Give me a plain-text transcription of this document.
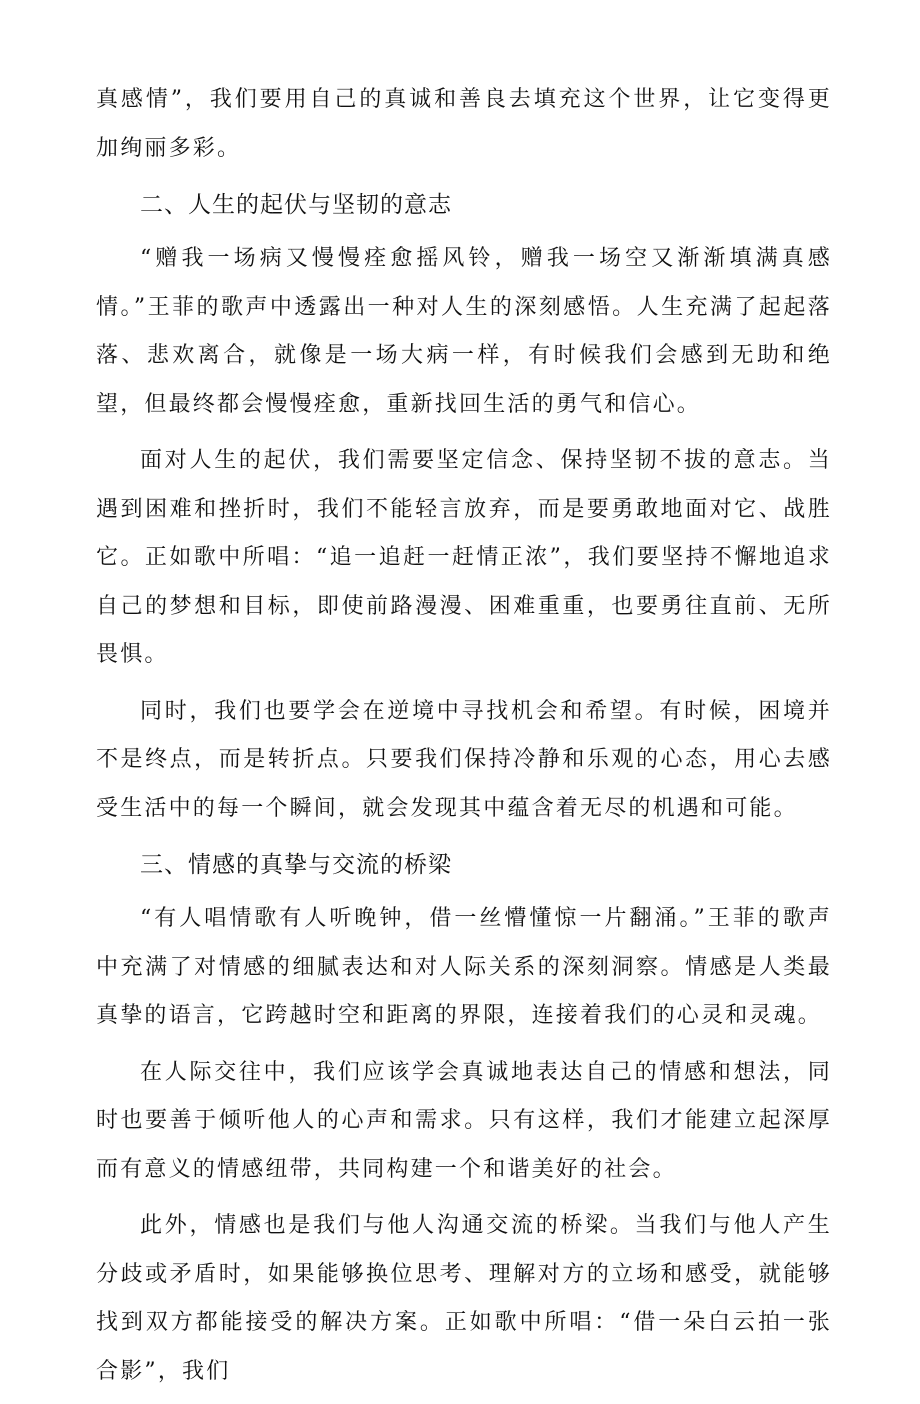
真感情”，我们要用自己的真诚和善良去填充这个世界，让它变得更加绚丽多彩。

二、人生的起伏与坚韧的意志

“赠我一场病又慢慢痊愈摇风铃，赠我一场空又渐渐填满真感情。”王菲的歌声中透露出一种对人生的深刻感悟。人生充满了起起落落、悲欢离合，就像是一场大病一样，有时候我们会感到无助和绝望，但最终都会慢慢痊愈，重新找回生活的勇气和信心。

面对人生的起伏，我们需要坚定信念、保持坚韧不拔的意志。当遇到困难和挫折时，我们不能轻言放弃，而是要勇敢地面对它、战胜它。正如歌中所唱：“追一追赶一赶情正浓”，我们要坚持不懈地追求自己的梦想和目标，即使前路漫漫、困难重重，也要勇往直前、无所畏惧。

同时，我们也要学会在逆境中寻找机会和希望。有时候，困境并不是终点，而是转折点。只要我们保持冷静和乐观的心态，用心去感受生活中的每一个瞬间，就会发现其中蕴含着无尽的机遇和可能。

三、情感的真挚与交流的桥梁

“有人唱情歌有人听晚钟，借一丝懵懂惊一片翻涌。”王菲的歌声中充满了对情感的细腻表达和对人际关系的深刻洞察。情感是人类最真挚的语言，它跨越时空和距离的界限，连接着我们的心灵和灵魂。

在人际交往中，我们应该学会真诚地表达自己的情感和想法，同时也要善于倾听他人的心声和需求。只有这样，我们才能建立起深厚而有意义的情感纽带，共同构建一个和谐美好的社会。

此外，情感也是我们与他人沟通交流的桥梁。当我们与他人产生分歧或矛盾时，如果能够换位思考、理解对方的立场和感受，就能够找到双方都能接受的解决方案。正如歌中所唱：“借一朵白云拍一张合影”，我们
